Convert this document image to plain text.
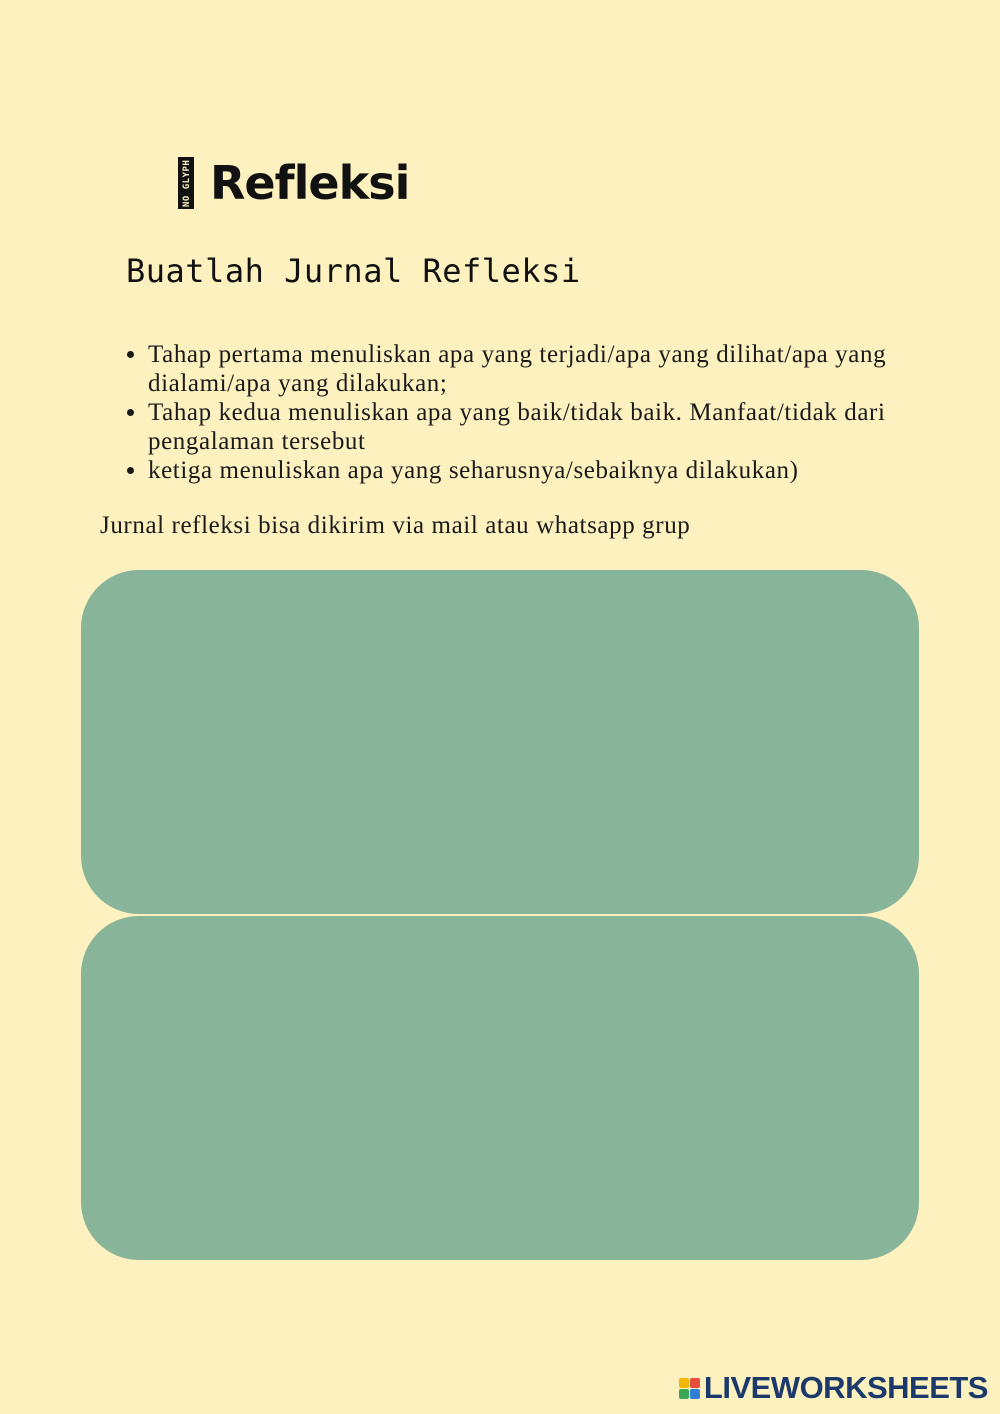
NO GLYPH Refleksi
Buatlah Jurnal Refleksi
• Tahap pertama menuliskan apa yang terjadi/apa yang dilihat/apa yang dialami/apa yang dilakukan;
• Tahap kedua menuliskan apa yang baik/tidak baik. Manfaat/tidak dari pengalaman tersebut
• ketiga menuliskan apa yang seharusnya/sebaiknya dilakukan)
Jurnal refleksi bisa dikirim via mail atau whatsapp grup
LIVEWORKSHEETS
